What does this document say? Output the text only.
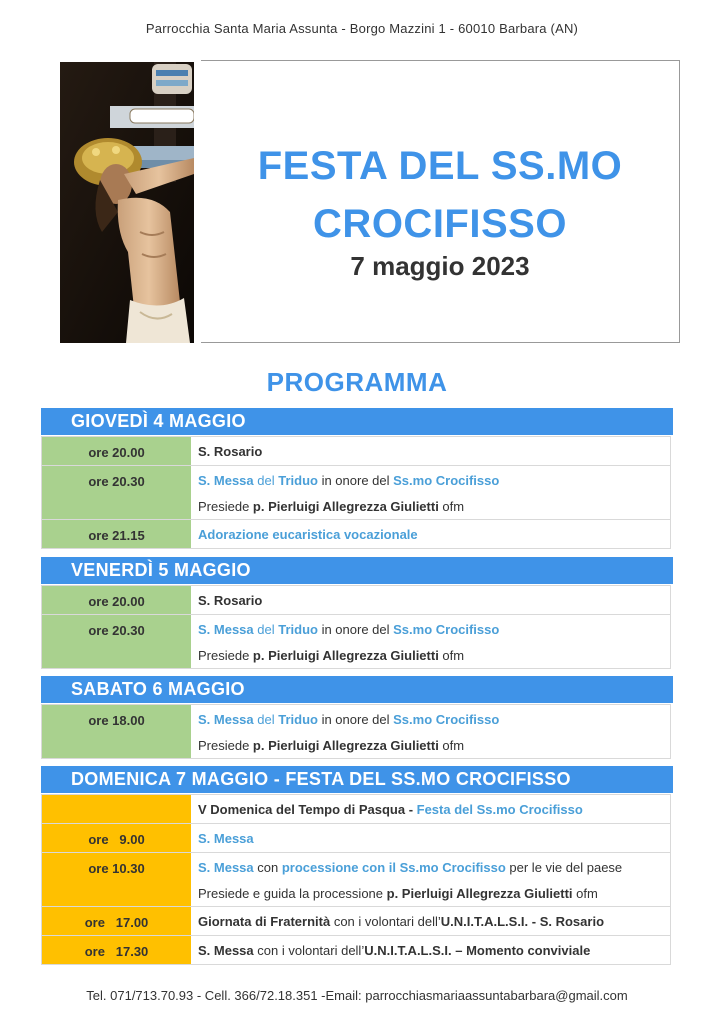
Parrocchia Santa Maria Assunta - Borgo Mazzini 1 - 60010 Barbara (AN)
FESTA DEL SS.MO
CROCIFISSO
7 maggio 2023
PROGRAMMA
GIOVEDÌ 4 MAGGIO
ore 20.00	S. Rosario
ore 20.30	S. Messa del Triduo in onore del Ss.mo Crocifisso
Presiede p. Pierluigi Allegrezza Giulietti ofm
ore 21.15	Adorazione eucaristica vocazionale
VENERDÌ 5 MAGGIO
ore 20.00	S. Rosario
ore 20.30	S. Messa del Triduo in onore del Ss.mo Crocifisso
Presiede p. Pierluigi Allegrezza Giulietti ofm
SABATO 6 MAGGIO
ore 18.00	S. Messa del Triduo in onore del Ss.mo Crocifisso
Presiede p. Pierluigi Allegrezza Giulietti ofm
DOMENICA 7 MAGGIO - FESTA DEL SS.MO CROCIFISSO
V Domenica del Tempo di Pasqua - Festa del Ss.mo Crocifisso
ore   9.00	S. Messa
ore 10.30	S. Messa con processione con il Ss.mo Crocifisso per le vie del paese
Presiede e guida la processione p. Pierluigi Allegrezza Giulietti ofm
ore   17.00	Giornata di Fraternità con i volontari dell’U.N.I.T.A.L.S.I. - S. Rosario
ore   17.30	S. Messa con i volontari dell’U.N.I.T.A.L.S.I. – Momento conviviale
Tel. 071/713.70.93 - Cell. 366/72.18.351 -Email: parrocchiasmariaassuntabarbara@gmail.com
